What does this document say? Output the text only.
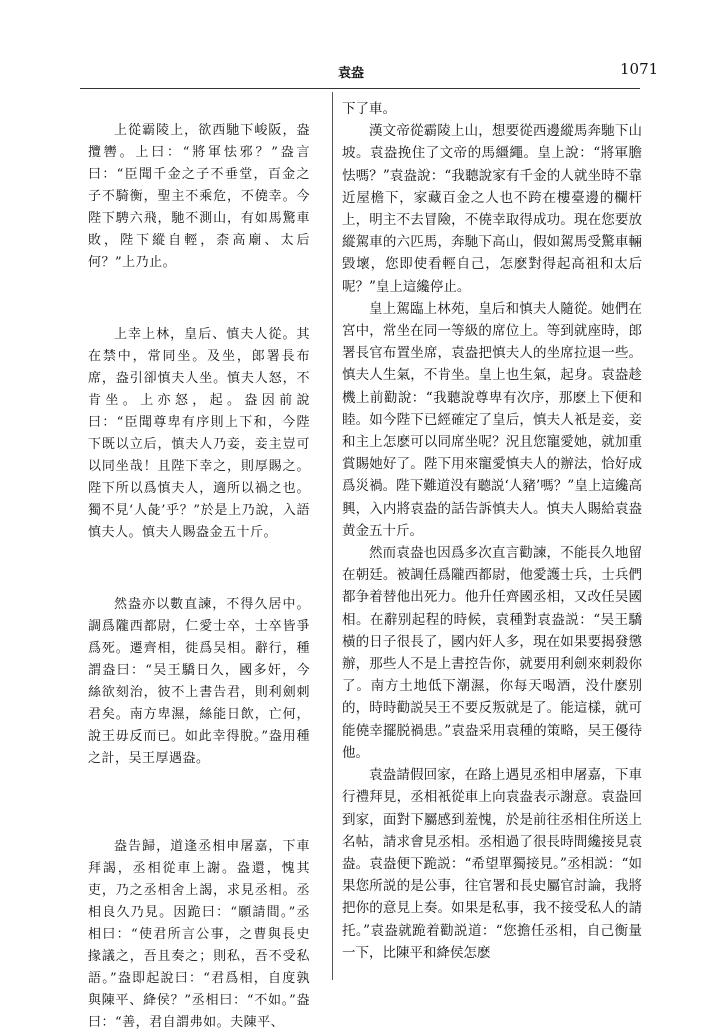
袁盎	1071

上從霸陵上，欲西馳下峻阪，盎攬轡。上曰：“將軍怯邪？”盎言曰：“臣聞千金之子不垂堂，百金之子不騎衡，聖主不乘危，不僥幸。今陛下騁六飛，馳不測山，有如馬驚車敗，陛下縱自輕，柰高廟、太后何？”上乃止。

上幸上林，皇后、慎夫人從。其在禁中，常同坐。及坐，郎署長布席，盎引卻慎夫人坐。慎夫人怒，不肯坐。上亦怒，起。盎因前說曰：“臣聞尊卑有序則上下和，今陛下既以立后，慎夫人乃妾，妾主豈可以同坐哉！且陛下幸之，則厚賜之。陛下所以爲慎夫人，適所以禍之也。獨不見‘人彘’乎？”於是上乃說，入語慎夫人。慎夫人賜盎金五十斤。

然盎亦以數直諫，不得久居中。調爲隴西都尉，仁愛士卒，士卒皆爭爲死。遷齊相，徙爲吴相。辭行，種謂盎曰：“吴王驕日久，國多奸，今絲欲刻治，彼不上書告君，則利劍刺君矣。南方卑濕，絲能日飲，亡何，說王毋反而已。如此幸得脫。”盎用種之計，吴王厚遇盎。

盎告歸，道逢丞相申屠嘉，下車拜謁，丞相從車上謝。盎還，愧其吏，乃之丞相舍上謁，求見丞相。丞相良久乃見。因跪曰：“願請間。”丞相曰：“使君所言公事，之曹與長史掾議之，吾且奏之；則私，吾不受私語。”盎即起說曰：“君爲相，自度孰與陳平、絳侯？”丞相曰：“不如。”盎曰：“善，君自謂弗如。夫陳平、

下了車。

漢文帝從霸陵上山，想要從西邊縱馬奔馳下山坡。袁盎挽住了文帝的馬繮繩。皇上說：“將軍膽怯嗎？”袁盎說：“我聽說家有千金的人就坐時不靠近屋檐下，家藏百金之人也不跨在樓臺邊的欄杆上，明主不去冒險，不僥幸取得成功。現在您要放縱駕車的六匹馬，奔馳下高山，假如駕馬受驚車輛毀壞，您即使看輕自己，怎麽對得起高祖和太后呢？”皇上這纔停止。

皇上駕臨上林苑，皇后和慎夫人隨從。她們在宮中，常坐在同一等級的席位上。等到就座時，郎署長官布置坐席，袁盎把慎夫人的坐席拉退一些。慎夫人生氣，不肯坐。皇上也生氣，起身。袁盎趁機上前勸說：“我聽說尊卑有次序，那麽上下便和睦。如今陛下已經確定了皇后，慎夫人衹是妾，妾和主上怎麽可以同席坐呢？況且您寵愛她，就加重賞賜她好了。陛下用來寵愛慎夫人的辦法，恰好成爲災禍。陛下難道没有聽説‘人豬’嗎？”皇上這纔高興，入内將袁盎的話告訴慎夫人。慎夫人賜給袁盎黄金五十斤。

然而袁盎也因爲多次直言勸諫，不能長久地留在朝廷。被調任爲隴西都尉，他愛護士兵，士兵們都争着替他出死力。他升任齊國丞相，又改任吴國相。在辭别起程的時候，袁種對袁盎説：“吴王驕橫的日子很長了，國内奸人多，現在如果要揭發懲辦，那些人不是上書控告你，就要用利劍來刺殺你了。南方土地低下潮濕，你每天喝酒，没什麽别的，時時勸説吴王不要反叛就是了。能這樣，就可能僥幸擺脱禍患。”袁盎采用袁種的策略，吴王優待他。

袁盎請假回家，在路上遇見丞相申屠嘉，下車行禮拜見，丞相衹從車上向袁盎表示謝意。袁盎回到家，面對下屬感到羞愧，於是前往丞相住所送上名帖，請求會見丞相。丞相過了很長時間纔接見袁盎。袁盎便下跪説：“希望單獨接見。”丞相説：“如果您所説的是公事，往官署和長史屬官討論，我將把你的意見上奏。如果是私事，我不接受私人的請托。”袁盎就跪着勸説道：“您擔任丞相，自己衡量一下，比陳平和絳侯怎麽
